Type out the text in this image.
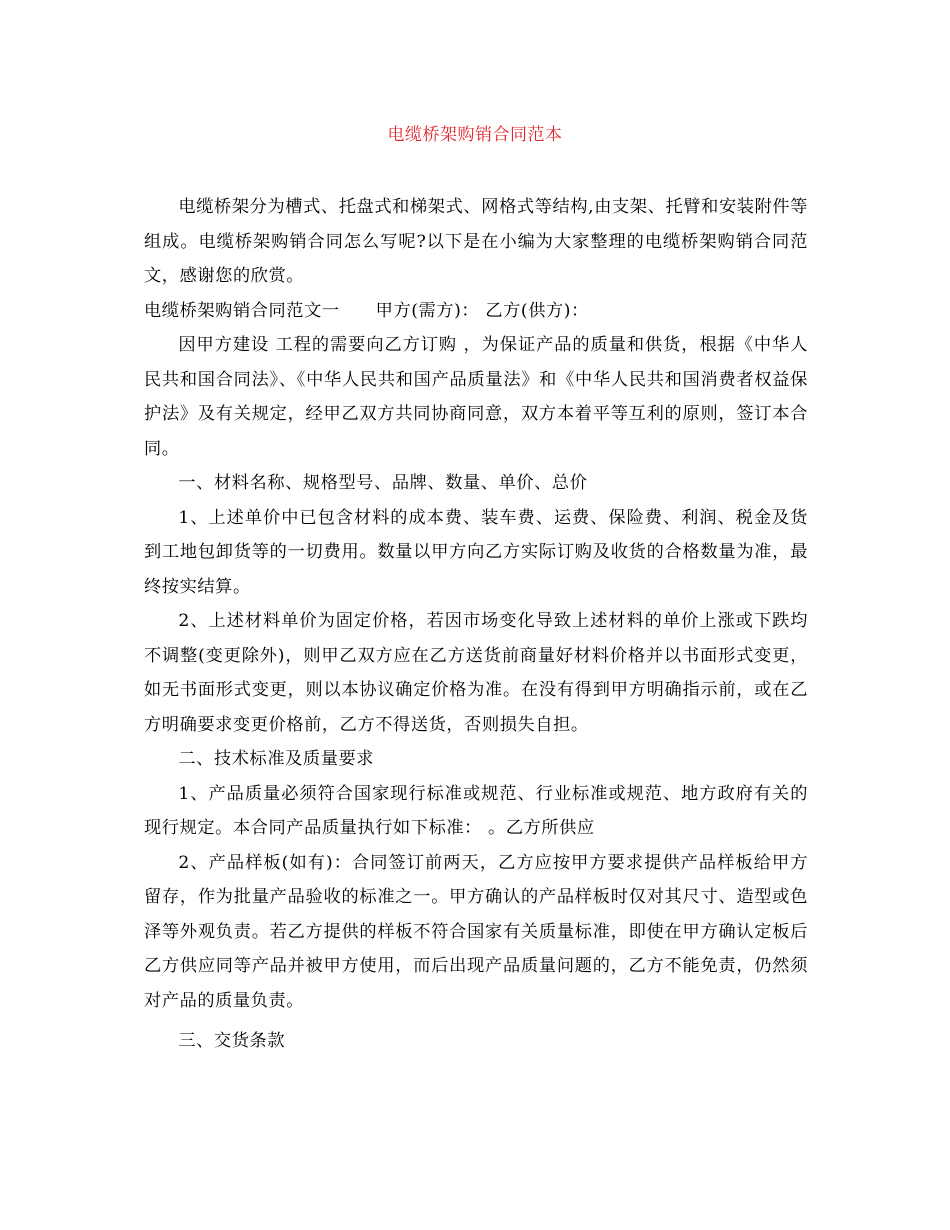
电缆桥架购销合同范本

电缆桥架分为槽式、托盘式和梯架式、网格式等结构,由支架、托臂和安装附件等组成。电缆桥架购销合同怎么写呢?以下是在小编为大家整理的电缆桥架购销合同范文，感谢您的欣赏。

电缆桥架购销合同范文一 甲方(需方)： 乙方(供方)：

因甲方建设 工程的需要向乙方订购 ，为保证产品的质量和供货，根据《中华人民共和国合同法》、《中华人民共和国产品质量法》和《中华人民共和国消费者权益保护法》及有关规定，经甲乙双方共同协商同意，双方本着平等互利的原则，签订本合同。

一、材料名称、规格型号、品牌、数量、单价、总价

1、上述单价中已包含材料的成本费、装车费、运费、保险费、利润、税金及货到工地包卸货等的一切费用。数量以甲方向乙方实际订购及收货的合格数量为准，最终按实结算。

2、上述材料单价为固定价格，若因市场变化导致上述材料的单价上涨或下跌均不调整(变更除外)，则甲乙双方应在乙方送货前商量好材料价格并以书面形式变更，如无书面形式变更，则以本协议确定价格为准。在没有得到甲方明确指示前，或在乙方明确要求变更价格前，乙方不得送货，否则损失自担。

二、技术标准及质量要求

1、产品质量必须符合国家现行标准或规范、行业标准或规范、地方政府有关的现行规定。本合同产品质量执行如下标准： 。乙方所供应

2、产品样板(如有)：合同签订前两天，乙方应按甲方要求提供产品样板给甲方留存，作为批量产品验收的标准之一。甲方确认的产品样板时仅对其尺寸、造型或色泽等外观负责。若乙方提供的样板不符合国家有关质量标准，即使在甲方确认定板后乙方供应同等产品并被甲方使用，而后出现产品质量问题的，乙方不能免责，仍然须对产品的质量负责。

三、交货条款
